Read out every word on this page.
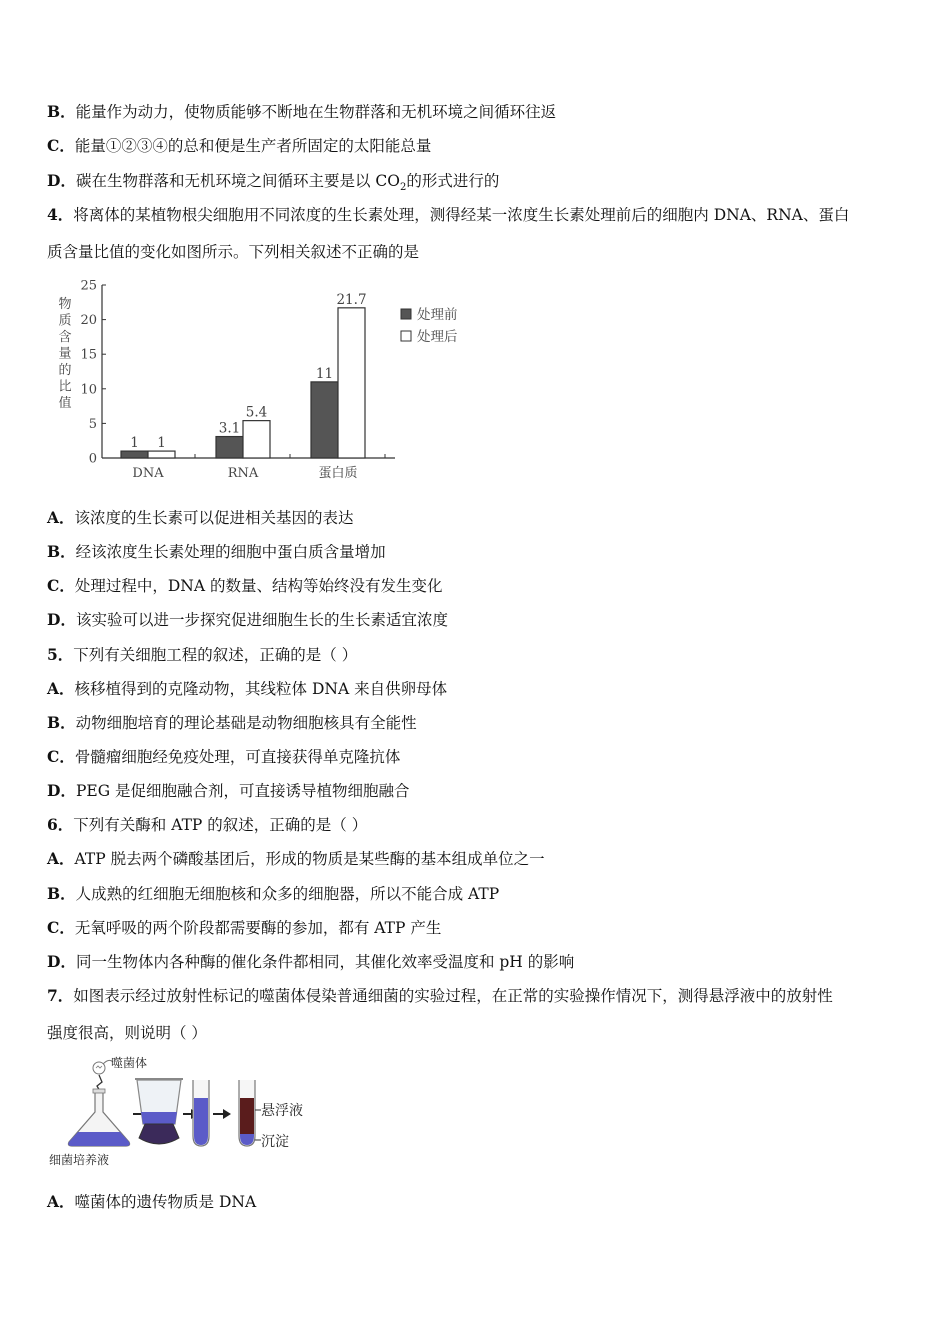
B．能量作为动力，使物质能够不断地在生物群落和无机环境之间循环往返
C．能量①②③④的总和便是生产者所固定的太阳能总量
D．碳在生物群落和无机环境之间循环主要是以 $CO_2$的形式进行的
4．将离体的某植物根尖细胞用不同浓度的生长素处理，测得经某一浓度生长素处理前后的细胞内 DNA、RNA、蛋白
质含量比值的变化如图所示。下列相关叙述不正确的是
物
质
含
量
的
比
值
0
5
10
15
20
25
DNA
1 1
RNA
3.1
5.4
蛋白质
11
21.7
处理前
处理后
A．该浓度的生长素可以促进相关基因的表达
B．经该浓度生长素处理的细胞中蛋白质含量增加
C．处理过程中，DNA 的数量、结构等始终没有发生变化
D．该实验可以进一步探究促进细胞生长的生长素适宜浓度
5．下列有关细胞工程的叙述，正确的是（ ）
A．核移植得到的克隆动物，其线粒体 DNA 来自供卵母体
B．动物细胞培育的理论基础是动物细胞核具有全能性
C．骨髓瘤细胞经免疫处理，可直接获得单克隆抗体
D．PEG 是促细胞融合剂，可直接诱导植物细胞融合
6．下列有关酶和 ATP 的叙述，正确的是（ ）
A．ATP 脱去两个磷酸基团后，形成的物质是某些酶的基本组成单位之一
B．人成熟的红细胞无细胞核和众多的细胞器，所以不能合成 ATP
C．无氧呼吸的两个阶段都需要酶的参加，都有 ATP 产生
D．同一生物体内各种酶的催化条件都相同，其催化效率受温度和 pH 的影响
7．如图表示经过放射性标记的噬菌体侵染普通细菌的实验过程，在正常的实验操作情况下，测得悬浮液中的放射性
强度很高，则说明（ ）
噬菌体
细菌培养液
悬浮液
沉淀
A．噬菌体的遗传物质是 DNA
